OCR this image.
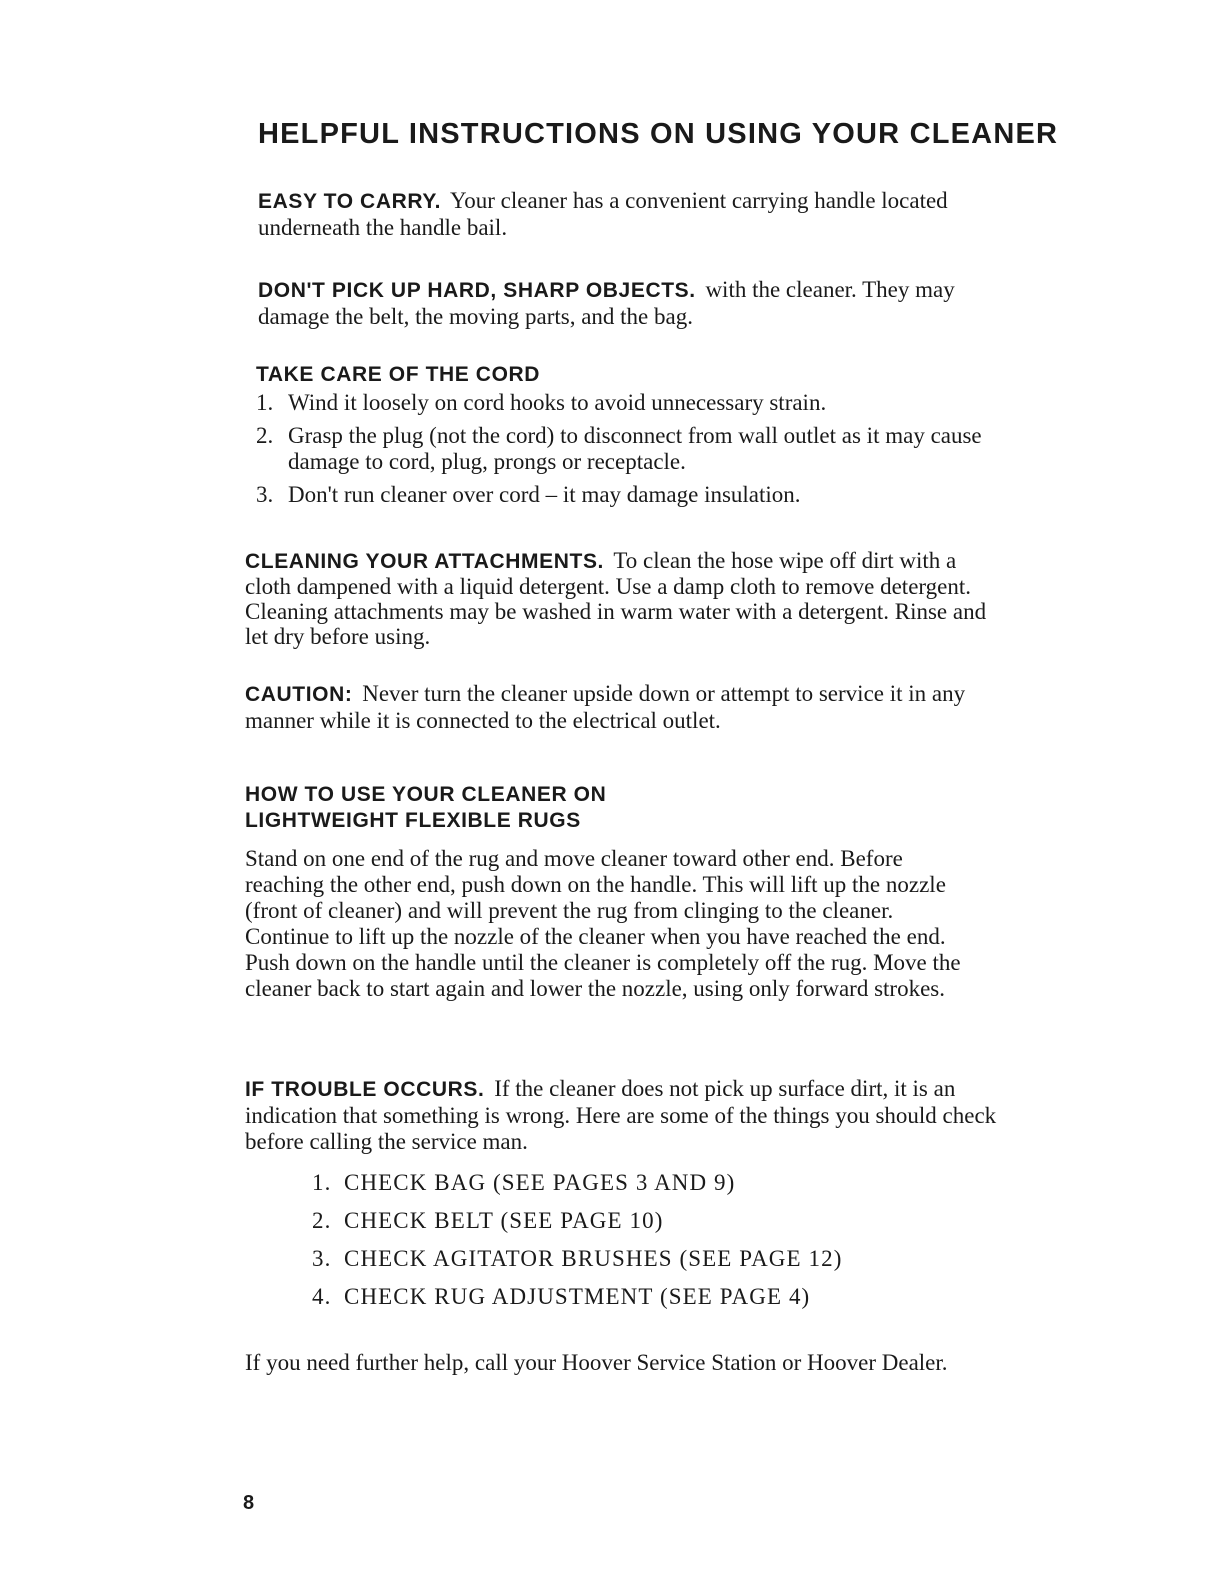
HELPFUL INSTRUCTIONS ON USING YOUR CLEANER

EASY TO CARRY. Your cleaner has a convenient carrying handle located underneath the handle bail.

DON'T PICK UP HARD, SHARP OBJECTS. with the cleaner. They may damage the belt, the moving parts, and the bag.

TAKE CARE OF THE CORD
1. Wind it loosely on cord hooks to avoid unnecessary strain.
2. Grasp the plug (not the cord) to disconnect from wall outlet as it may cause damage to cord, plug, prongs or receptacle.
3. Don't run cleaner over cord – it may damage insulation.

CLEANING YOUR ATTACHMENTS. To clean the hose wipe off dirt with a cloth dampened with a liquid detergent. Use a damp cloth to remove detergent. Cleaning attachments may be washed in warm water with a detergent. Rinse and let dry before using.

CAUTION: Never turn the cleaner upside down or attempt to service it in any manner while it is connected to the electrical outlet.

HOW TO USE YOUR CLEANER ON
LIGHTWEIGHT FLEXIBLE RUGS

Stand on one end of the rug and move cleaner toward other end. Before reaching the other end, push down on the handle. This will lift up the nozzle (front of cleaner) and will prevent the rug from clinging to the cleaner. Continue to lift up the nozzle of the cleaner when you have reached the end. Push down on the handle until the cleaner is completely off the rug. Move the cleaner back to start again and lower the nozzle, using only forward strokes.

IF TROUBLE OCCURS. If the cleaner does not pick up surface dirt, it is an indication that something is wrong. Here are some of the things you should check before calling the service man.

1. CHECK BAG (SEE PAGES 3 AND 9)
2. CHECK BELT (SEE PAGE 10)
3. CHECK AGITATOR BRUSHES (SEE PAGE 12)
4. CHECK RUG ADJUSTMENT (SEE PAGE 4)

If you need further help, call your Hoover Service Station or Hoover Dealer.

8
